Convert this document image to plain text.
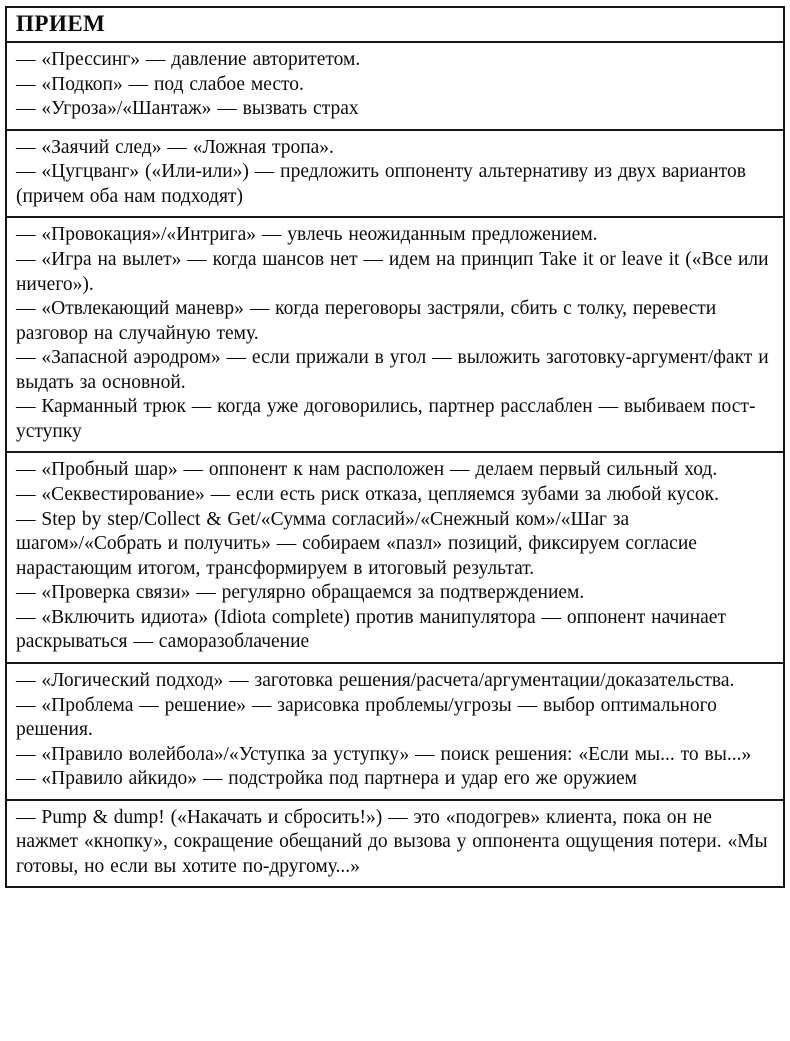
ПРИЕМ

— «Прессинг» — давление авторитетом.

— «Подкоп» — под слабое место.

— «Угроза»/«Шантаж» — вызвать страх

— «Заячий след» — «Ложная тропа».

— «Цугцванг» («Или-или») — предложить оппоненту альтернативу из двух вариантов (причем оба нам подходят)

— «Провокация»/«Интрига» — увлечь неожиданным предложением.

— «Игра на вылет» — когда шансов нет — идем на принцип Take it or leave it («Все или ничего»).

— «Отвлекающий маневр» — когда переговоры застряли, сбить с толку, перевести разговор на случайную тему.

— «Запасной аэродром» — если прижали в угол — выложить заготовку-аргумент/факт и выдать за основной.

— Карманный трюк — когда уже договорились, партнер расслаблен — выбиваем пост-уступку

— «Пробный шар» — оппонент к нам расположен — делаем первый сильный ход.

— «Секвестирование» — если есть риск отказа, цепляемся зубами за любой кусок.

— Step by step/Collect & Get/«Сумма согласий»/«Снежный ком»/«Шаг за шагом»/«Собрать и получить» — собираем «пазл» позиций, фиксируем согласие нарастающим итогом, трансформируем в итоговый результат.

— «Проверка связи» — регулярно обращаемся за подтверждением.

— «Включить идиота» (Idiota complete) против манипулятора — оппонент начинает раскрываться — саморазоблачение

— «Логический подход» — заготовка решения/расчета/аргументации/доказательства.

— «Проблема — решение» — зарисовка проблемы/угрозы — выбор оптимального решения.

— «Правило волейбола»/«Уступка за уступку» — поиск решения: «Если мы... то вы...»

— «Правило айкидо» — подстройка под партнера и удар его же оружием

— Pump & dump! («Накачать и сбросить!») — это «подогрев» клиента, пока он не нажмет «кнопку», сокращение обещаний до вызова у оппонента ощущения потери. «Мы готовы, но если вы хотите по-другому...»
